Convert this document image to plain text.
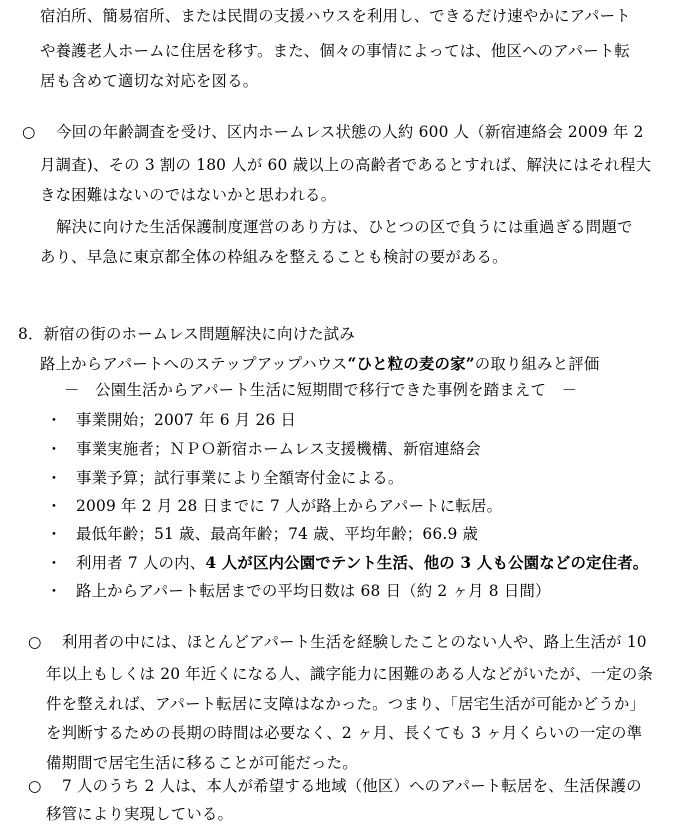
宿泊所、簡易宿所、または民間の支援ハウスを利用し、できるだけ速やかにアパート
や養護老人ホームに住居を移す。また、個々の事情によっては、他区へのアパート転
居も含めて適切な対応を図る。
○ 今回の年齢調査を受け、区内ホームレス状態の人約 600 人（新宿連絡会 2009 年 2
月調査)、その 3 割の 180 人が 60 歳以上の高齢者であるとすれば、解決にはそれ程大
きな困難はないのではないかと思われる。
解決に向けた生活保護制度運営のあり方は、ひとつの区で負うには重過ぎる問題で
あり、早急に東京都全体の枠組みを整えることも検討の要がある。
8．新宿の街のホームレス問題解決に向けた試み
路上からアパートへのステップアップハウス“ひと粒の麦の家”の取り組みと評価
－　公園生活からアパート生活に短期間で移行できた事例を踏まえて　－
・ 事業開始；2007 年 6 月 26 日
・ 事業実施者；ＮＰＯ新宿ホームレス支援機構、新宿連絡会
・ 事業予算；試行事業により全額寄付金による。
・ 2009 年 2 月 28 日までに 7 人が路上からアパートに転居。
・ 最低年齢；51 歳、最高年齢；74 歳、平均年齢；66.9 歳
・ 利用者 7 人の内、4 人が区内公園でテント生活、他の 3 人も公園などの定住者。
・ 路上からアパート転居までの平均日数は 68 日（約 2 ヶ月 8 日間）
○ 利用者の中には、ほとんどアパート生活を経験したことのない人や、路上生活が 10
年以上もしくは 20 年近くになる人、識字能力に困難のある人などがいたが、一定の条
件を整えれば、アパート転居に支障はなかった。つまり、「居宅生活が可能かどうか」
を判断するための長期の時間は必要なく、2 ヶ月、長くても 3 ヶ月くらいの一定の準
備期間で居宅生活に移ることが可能だった。
○ 7 人のうち 2 人は、本人が希望する地域（他区）へのアパート転居を、生活保護の
移管により実現している。
